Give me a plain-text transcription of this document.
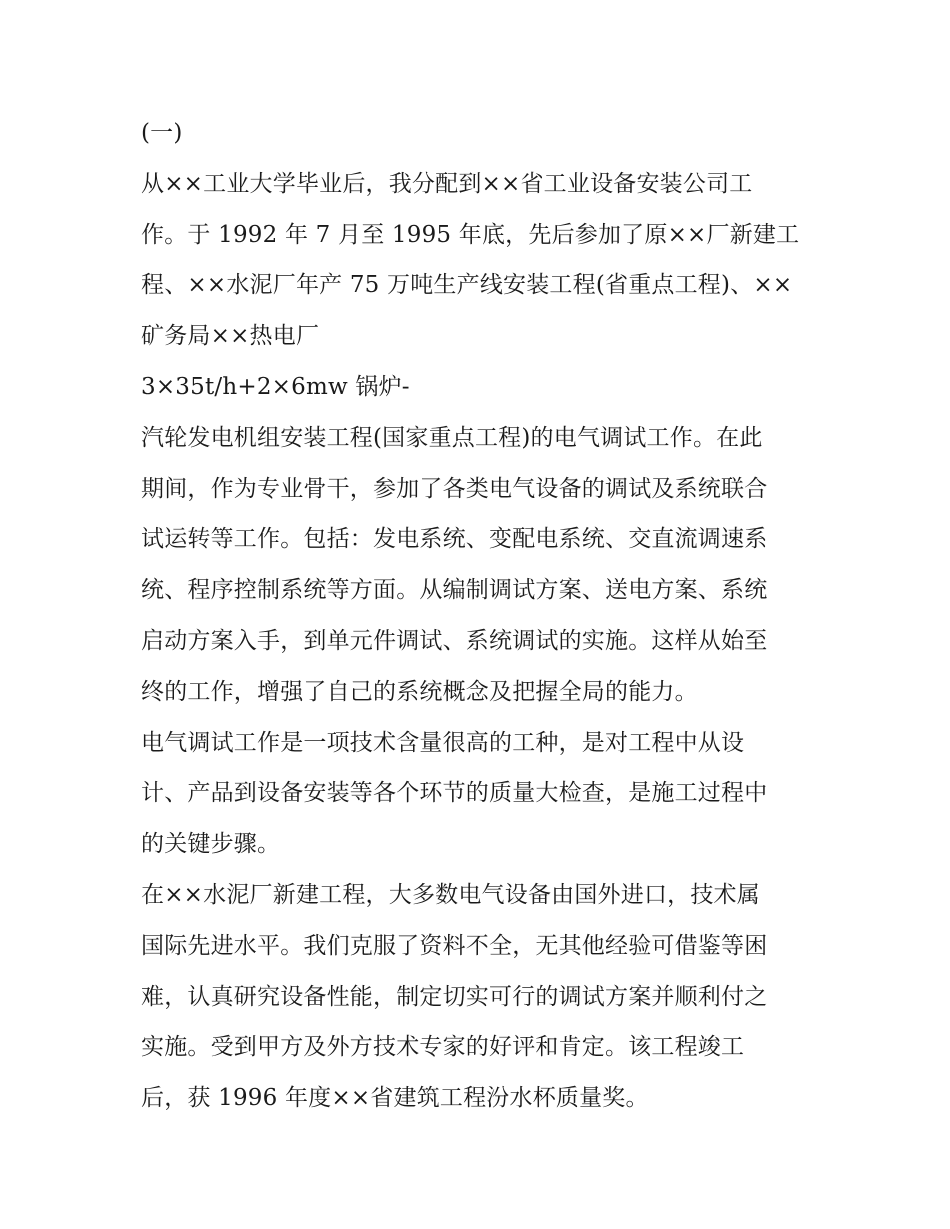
(一)
从××工业大学毕业后，我分配到××省工业设备安装公司工
作。于 1992 年 7 月至 1995 年底，先后参加了原××厂新建工
程、××水泥厂年产 75 万吨生产线安装工程(省重点工程)、××
矿务局××热电厂
3×35t/h+2×6mw 锅炉-
汽轮发电机组安装工程(国家重点工程)的电气调试工作。在此
期间，作为专业骨干，参加了各类电气设备的调试及系统联合
试运转等工作。包括：发电系统、变配电系统、交直流调速系
统、程序控制系统等方面。从编制调试方案、送电方案、系统
启动方案入手，到单元件调试、系统调试的实施。这样从始至
终的工作，增强了自己的系统概念及把握全局的能力。
电气调试工作是一项技术含量很高的工种，是对工程中从设
计、产品到设备安装等各个环节的质量大检查，是施工过程中
的关键步骤。
在××水泥厂新建工程，大多数电气设备由国外进口，技术属
国际先进水平。我们克服了资料不全，无其他经验可借鉴等困
难，认真研究设备性能，制定切实可行的调试方案并顺利付之
实施。受到甲方及外方技术专家的好评和肯定。该工程竣工
后，获 1996 年度××省建筑工程汾水杯质量奖。
